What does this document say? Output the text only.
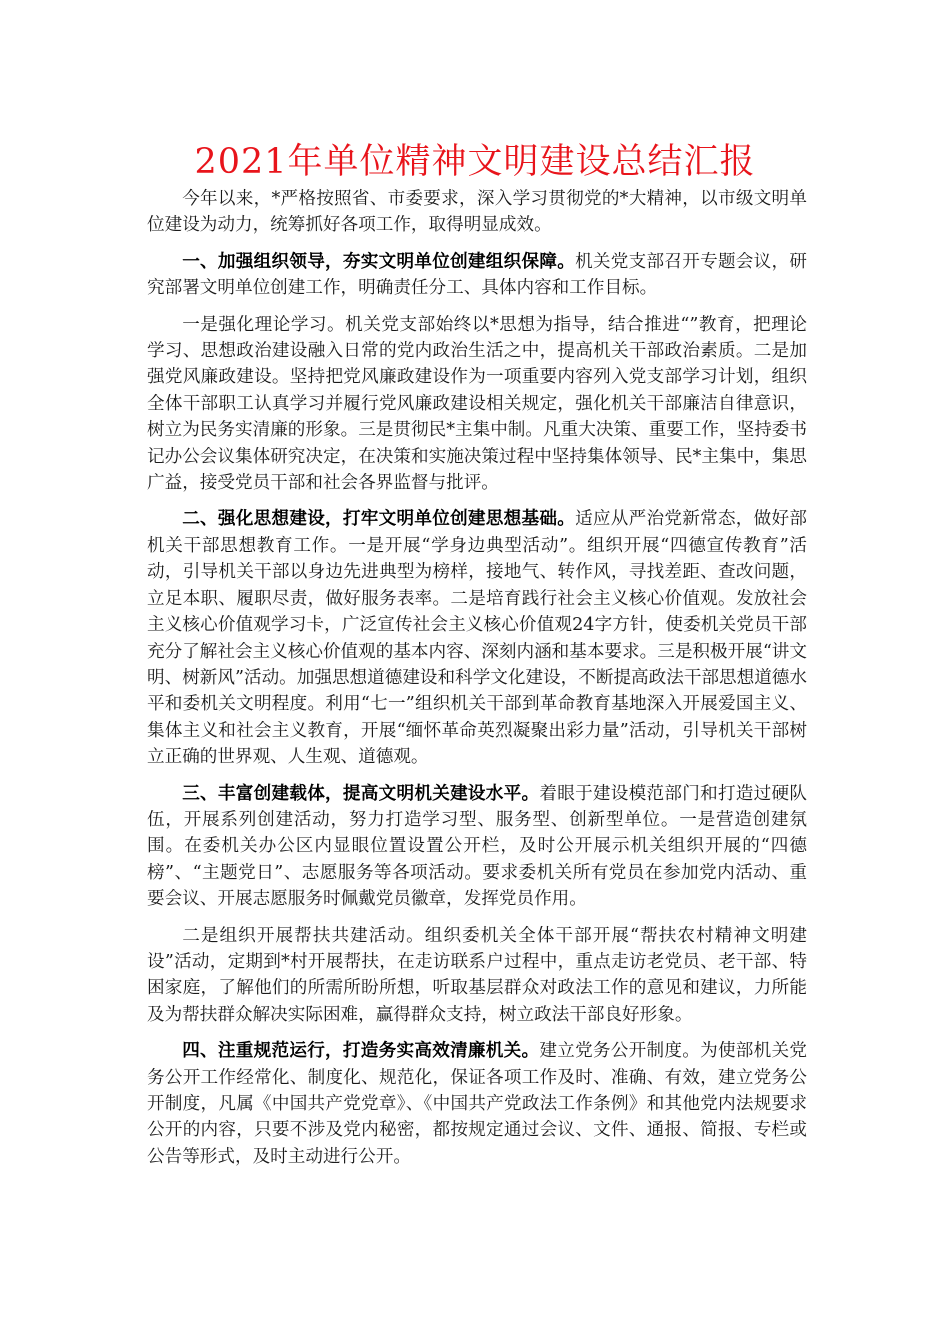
2021年单位精神文明建设总结汇报

今年以来，*严格按照省、市委要求，深入学习贯彻党的*大精神，以市级文明单位建设为动力，统筹抓好各项工作，取得明显成效。

一、加强组织领导，夯实文明单位创建组织保障。机关党支部召开专题会议，研究部署文明单位创建工作，明确责任分工、具体内容和工作目标。

一是强化理论学习。机关党支部始终以*思想为指导，结合推进“”教育，把理论学习、思想政治建设融入日常的党内政治生活之中，提高机关干部政治素质。二是加强党风廉政建设。坚持把党风廉政建设作为一项重要内容列入党支部学习计划，组织全体干部职工认真学习并履行党风廉政建设相关规定，强化机关干部廉洁自律意识，树立为民务实清廉的形象。三是贯彻民*主集中制。凡重大决策、重要工作，坚持委书记办公会议集体研究决定，在决策和实施决策过程中坚持集体领导、民*主集中，集思广益，接受党员干部和社会各界监督与批评。

二、强化思想建设，打牢文明单位创建思想基础。适应从严治党新常态，做好部机关干部思想教育工作。一是开展“学身边典型活动”。组织开展“四德宣传教育”活动，引导机关干部以身边先进典型为榜样，接地气、转作风，寻找差距、查改问题，立足本职、履职尽责，做好服务表率。二是培育践行社会主义核心价值观。发放社会主义核心价值观学习卡，广泛宣传社会主义核心价值观24字方针，使委机关党员干部充分了解社会主义核心价值观的基本内容、深刻内涵和基本要求。三是积极开展“讲文明、树新风”活动。加强思想道德建设和科学文化建设，不断提高政法干部思想道德水平和委机关文明程度。利用“七一”组织机关干部到革命教育基地深入开展爱国主义、集体主义和社会主义教育，开展“缅怀革命英烈凝聚出彩力量”活动，引导机关干部树立正确的世界观、人生观、道德观。

三、丰富创建载体，提高文明机关建设水平。着眼于建设模范部门和打造过硬队伍，开展系列创建活动，努力打造学习型、服务型、创新型单位。一是营造创建氛围。在委机关办公区内显眼位置设置公开栏，及时公开展示机关组织开展的“四德榜”、“主题党日”、志愿服务等各项活动。要求委机关所有党员在参加党内活动、重要会议、开展志愿服务时佩戴党员徽章，发挥党员作用。

二是组织开展帮扶共建活动。组织委机关全体干部开展“帮扶农村精神文明建设”活动，定期到*村开展帮扶，在走访联系户过程中，重点走访老党员、老干部、特困家庭，了解他们的所需所盼所想，听取基层群众对政法工作的意见和建议，力所能及为帮扶群众解决实际困难，赢得群众支持，树立政法干部良好形象。

四、注重规范运行，打造务实高效清廉机关。建立党务公开制度。为使部机关党务公开工作经常化、制度化、规范化，保证各项工作及时、准确、有效，建立党务公开制度，凡属《中国共产党党章》、《中国共产党政法工作条例》和其他党内法规要求公开的内容，只要不涉及党内秘密，都按规定通过会议、文件、通报、简报、专栏或公告等形式，及时主动进行公开。
